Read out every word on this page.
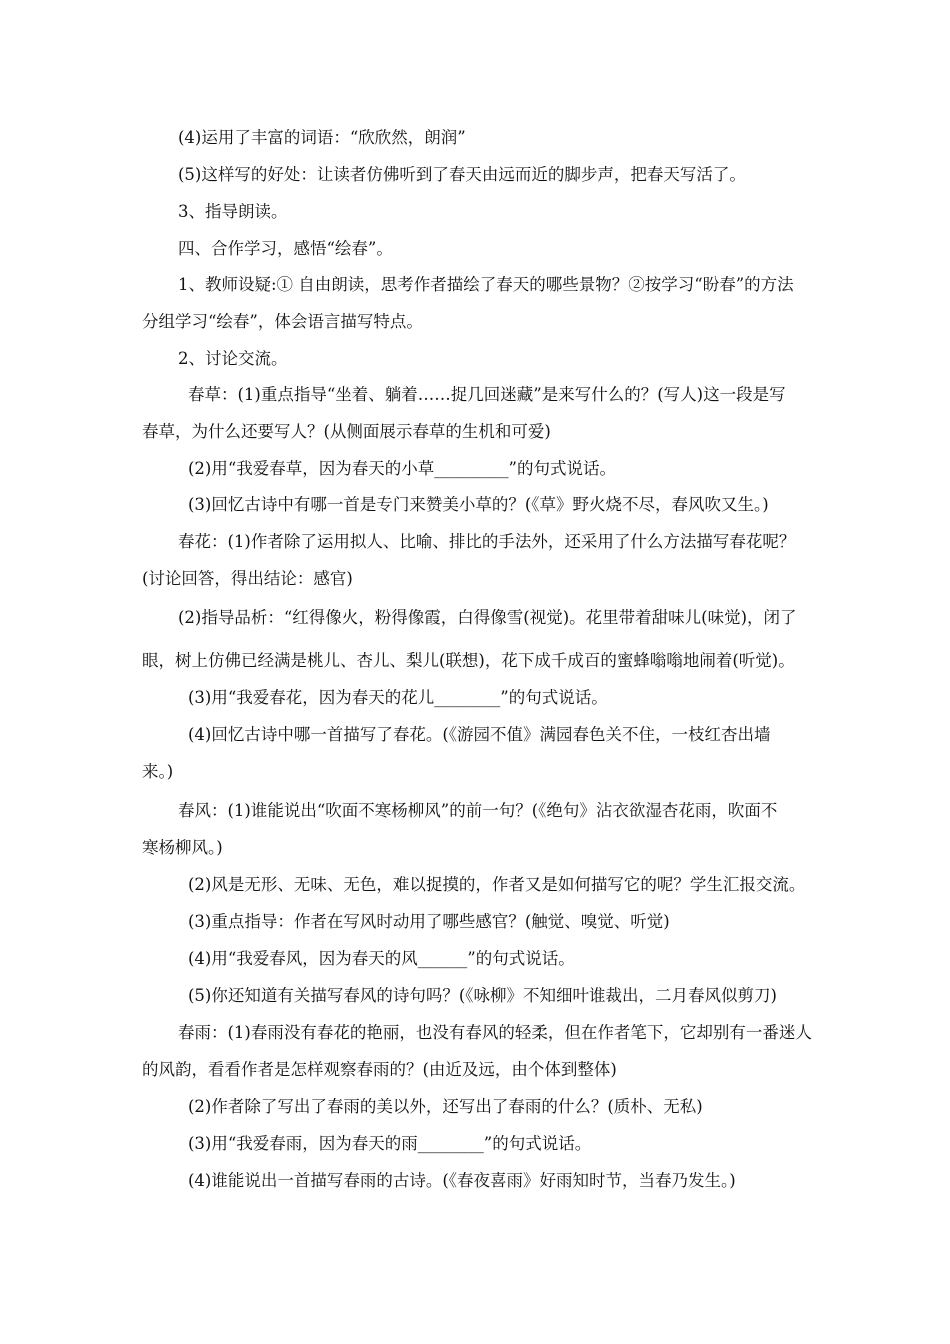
(4)运用了丰富的词语：“欣欣然，朗润”
(5)这样写的好处：让读者仿佛听到了春天由远而近的脚步声，把春天写活了。
3、指导朗读。
四、合作学习，感悟“绘春”。
1、教师设疑:① 自由朗读，思考作者描绘了春天的哪些景物？②按学习“盼春”的方法
分组学习“绘春”，体会语言描写特点。
2、讨论交流。
春草：(1)重点指导“坐着、躺着……捉几回迷藏”是来写什么的？(写人)这一段是写
春草，为什么还要写人？(从侧面展示春草的生机和可爱)
(2)用“我爱春草，因为春天的小草_________”的句式说话。
(3)回忆古诗中有哪一首是专门来赞美小草的？(《草》野火烧不尽，春风吹又生。)
春花：(1)作者除了运用拟人、比喻、排比的手法外，还采用了什么方法描写春花呢？
(讨论回答，得出结论：感官)
(2)指导品析：“红得像火，粉得像霞，白得像雪(视觉)。花里带着甜味儿(味觉)，闭了
眼，树上仿佛已经满是桃儿、杏儿、梨儿(联想)，花下成千成百的蜜蜂嗡嗡地闹着(听觉)。
(3)用“我爱春花，因为春天的花儿________”的句式说话。
(4)回忆古诗中哪一首描写了春花。(《游园不值》满园春色关不住，一枝红杏出墙
来。)
春风：(1)谁能说出“吹面不寒杨柳风”的前一句？(《绝句》沾衣欲湿杏花雨，吹面不
寒杨柳风。)
(2)风是无形、无味、无色，难以捉摸的，作者又是如何描写它的呢？学生汇报交流。
(3)重点指导：作者在写风时动用了哪些感官？(触觉、嗅觉、听觉)
(4)用“我爱春风，因为春天的风______”的句式说话。
(5)你还知道有关描写春风的诗句吗？(《咏柳》不知细叶谁裁出，二月春风似剪刀)
春雨：(1)春雨没有春花的艳丽，也没有春风的轻柔，但在作者笔下，它却别有一番迷人
的风韵，看看作者是怎样观察春雨的？(由近及远，由个体到整体)
(2)作者除了写出了春雨的美以外，还写出了春雨的什么？(质朴、无私)
(3)用“我爱春雨，因为春天的雨________”的句式说话。
(4)谁能说出一首描写春雨的古诗。(《春夜喜雨》好雨知时节，当春乃发生。)
